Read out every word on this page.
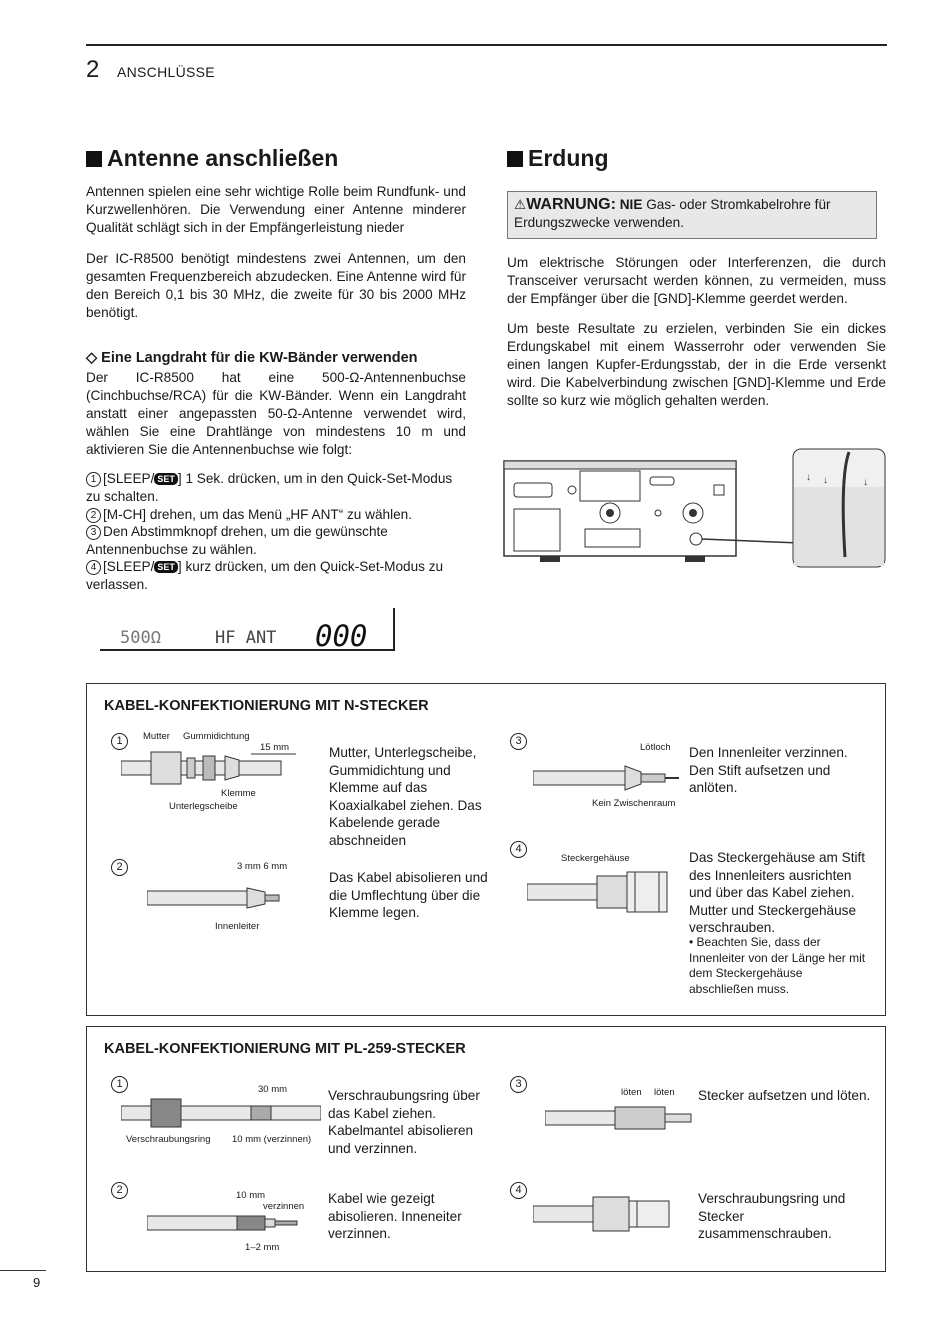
2 ANSCHLÜSSE
Antenne anschließen

Antennen spielen eine sehr wichtige Rolle beim Rundfunk- und Kurzwellenhören. Die Verwendung einer Antenne minderer Qualität schlägt sich in der Empfängerleistung nieder

Der IC-R8500 benötigt mindestens zwei Antennen, um den gesamten Frequenzbereich abzudecken. Eine Antenne wird für den Bereich 0,1 bis 30 MHz, die zweite für 30 bis 2000 MHz benötigt.

◇ Eine Langdraht für die KW-Bänder verwenden

Der IC-R8500 hat eine 500-Ω-Antennenbuchse (Cinchbuchse/RCA) für die KW-Bänder. Wenn ein Langdraht anstatt einer angepassten 50-Ω-Antenne verwendet wird, wählen Sie eine Drahtlänge von mindestens 10 m und aktivieren Sie die Antennenbuchse wie folgt:

1 [SLEEP/ SET ] 1 Sek. drücken, um in den Quick-Set-Modus zu schalten.
2 [M-CH] drehen, um das Menü „HF ANT“ zu wählen.
3 Den Abstimmknopf drehen, um die gewünschte Antennenbuchse zu wählen.
4 [SLEEP/ SET ] kurz drücken, um den Quick-Set-Modus zu verlassen.
500Ω	HF ANT 000
Erdung
⚠WARNUNG: NIE Gas- oder Stromkabelrohre für Erdungszwecke verwenden.

Um elektrische Störungen oder Interferenzen, die durch Transceiver verursacht werden können, zu vermeiden, muss der Empfänger über die [GND]-Klemme geerdet werden.

Um beste Resultate zu erzielen, verbinden Sie ein dickes Erdungskabel mit einem Wasserrohr oder verwenden Sie einen langen Kupfer-Erdungsstab, der in die Erde versenkt wird. Die Kabelverbindung zwischen [GND]-Klemme und Erde sollte so kurz wie möglich gehalten werden.

↓ ↓	↓
KABEL-KONFEKTIONIERUNG MIT N-STECKER
1	Mutter Gummidichtung
15 mm
Klemme
Unterlegscheibe
Mutter, Unterlegscheibe, Gummidichtung und Klemme auf das Koaxialkabel ziehen. Das Kabelende gerade abschneiden
2	3 mm 6 mm
Innenleiter
Das Kabel abisolieren und die Umflechtung über die Klemme legen.
3
Lötloch
Kein Zwischenraum
Den Innenleiter verzinnen. Den Stift aufsetzen und anlöten.
4
Steckergehäuse	Das Steckergehäuse am Stift des Innenleiters ausrichten und über das Kabel ziehen. Mutter und Steckergehäuse verschrauben.
• Beachten Sie, dass der Innenleiter von der Länge her mit dem Steckergehäuse abschließen muss.
KABEL-KONFEKTIONIERUNG MIT PL-259-STECKER
1	30 mm
Verschraubungsring 10 mm (verzinnen)
Verschraubungsring über das Kabel ziehen. Kabelmantel abisolieren und verzinnen.
2	10 mm
verzinnen
1–2 mm
Kabel wie gezeigt abisolieren. Inneneiter verzinnen.
3
löten löten Stecker aufsetzen und löten.
4
Verschraubungsring und Stecker zusammenschrauben.
9
